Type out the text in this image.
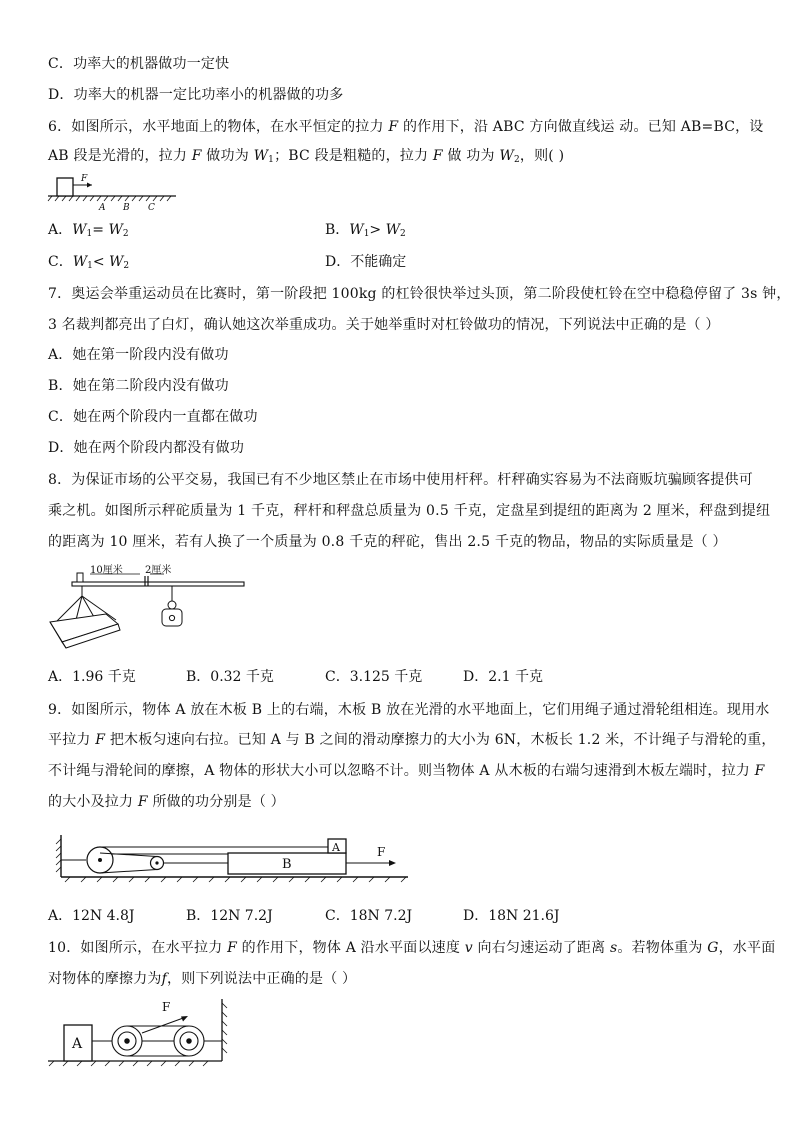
C．功率大的机器做功一定快
D．功率大的机器一定比功率小的机器做的功多
6．如图所示，水平地面上的物体，在水平恒定的拉力 F 的作用下，沿 ABC 方向做直线运 动。已知 AB=BC，设
AB 段是光滑的，拉力 F 做功为 $W_1$；BC 段是粗糙的，拉力 F 做 功为 $W_2$，则( )
F
A B C
A．$W_1= W_2$	B．$W_1> W_2$
C．$W_1< W_2$	D．不能确定
7．奥运会举重运动员在比赛时，第一阶段把 100kg 的杠铃很快举过头顶，第二阶段使杠铃在空中稳稳停留了 3s 钟，
3 名裁判都亮出了白灯，确认她这次举重成功。关于她举重时对杠铃做功的情况，下列说法中正确的是（ ）
A．她在第一阶段内没有做功
B．她在第二阶段内没有做功
C．她在两个阶段内一直都在做功
D．她在两个阶段内都没有做功
8．为保证市场的公平交易，我国已有不少地区禁止在市场中使用杆秤。杆秤确实容易为不法商贩坑骗顾客提供可
乘之机。如图所示秤砣质量为 1 千克，秤杆和秤盘总质量为 0.5 千克，定盘星到提纽的距离为 2 厘米，秤盘到提纽
的距离为 10 厘米，若有人换了一个质量为 0.8 千克的秤砣，售出 2.5 千克的物品，物品的实际质量是（ ）
10厘米 2厘米
A．1.96 千克	B．0.32 千克	C．3.125 千克	D．2.1 千克
9．如图所示，物体 A 放在木板 B 上的右端，木板 B 放在光滑的水平地面上，它们用绳子通过滑轮组相连。现用水
平拉力 F 把木板匀速向右拉。已知 A 与 B 之间的滑动摩擦力的大小为 6N，木板长 1.2 米，不计绳子与滑轮的重，
不计绳与滑轮间的摩擦，A 物体的形状大小可以忽略不计。则当物体 A 从木板的右端匀速滑到木板左端时，拉力 F
的大小及拉力 F 所做的功分别是（ ）
B
A	F
A．12N 4.8J	B．12N 7.2J	C．18N 7.2J	D．18N 21.6J
10．如图所示，在水平拉力 F 的作用下，物体 A 沿水平面以速度 v 向右匀速运动了距离 s。若物体重为 G，水平面
对物体的摩擦力为f，则下列说法中正确的是（ ）
A
F
